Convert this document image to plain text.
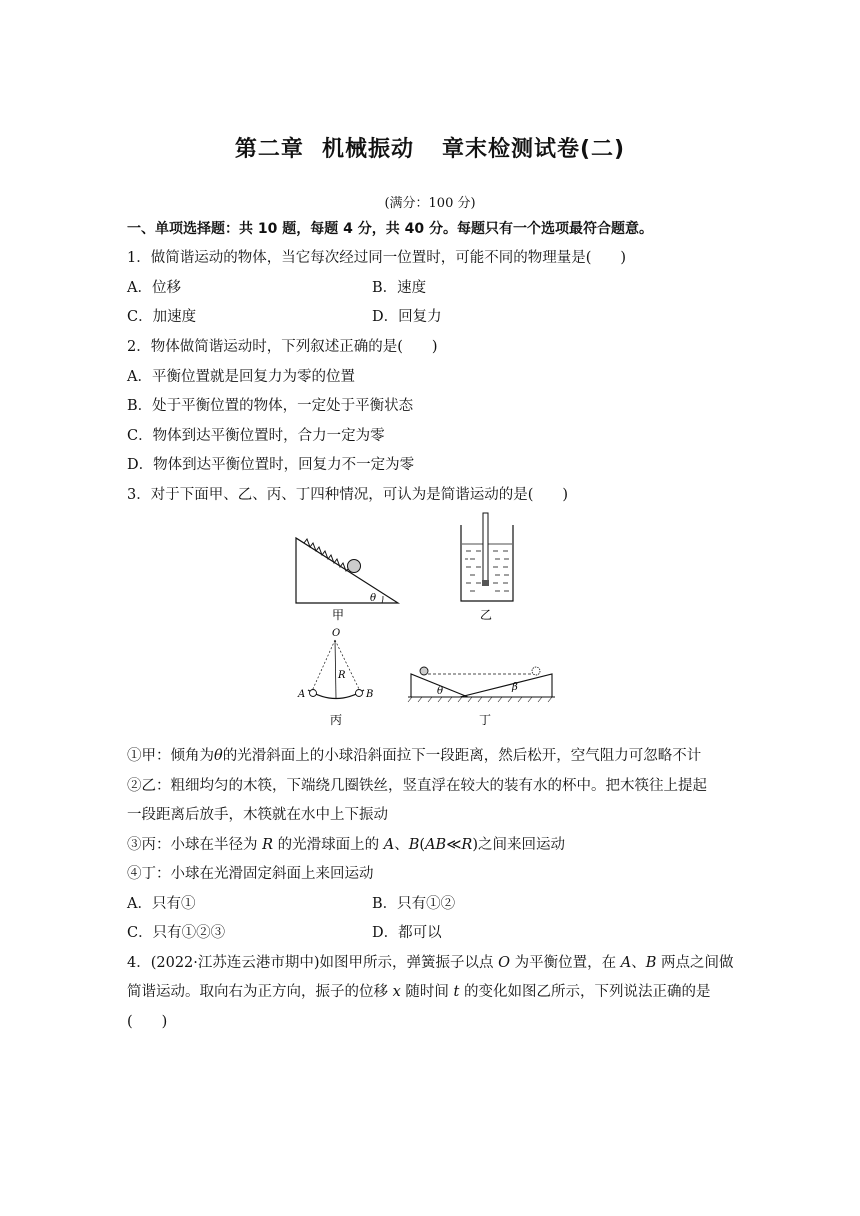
第二章 机械振动 章末检测试卷(二)
(满分：100 分)
一、单项选择题：共 10 题，每题 4 分，共 40 分。每题只有一个选项最符合题意。
1．做简谐运动的物体，当它每次经过同一位置时，可能不同的物理量是(　　)
A．位移	B．速度
C．加速度	D．回复力
2．物体做简谐运动时，下列叙述正确的是(　　)
A．平衡位置就是回复力为零的位置
B．处于平衡位置的物体，一定处于平衡状态
C．物体到达平衡位置时，合力一定为零
D．物体到达平衡位置时，回复力不一定为零
3．对于下面甲、乙、丙、丁四种情况，可认为是简谐运动的是(　　)
θ
甲	乙
O
R
A	B
丙
θ	β
丁
①甲：倾角为θ的光滑斜面上的小球沿斜面拉下一段距离，然后松开，空气阻力可忽略不计
②乙：粗细均匀的木筷，下端绕几圈铁丝，竖直浮在较大的装有水的杯中。把木筷往上提起
一段距离后放手，木筷就在水中上下振动
③丙：小球在半径为 R 的光滑球面上的 A、B(AB≪R)之间来回运动
④丁：小球在光滑固定斜面上来回运动
A．只有①	B．只有①②
C．只有①②③	D．都可以
4．(2022·江苏连云港市期中)如图甲所示，弹簧振子以点 O 为平衡位置，在 A、B 两点之间做
简谐运动。取向右为正方向，振子的位移 x 随时间 t 的变化如图乙所示，下列说法正确的是
(　　)
